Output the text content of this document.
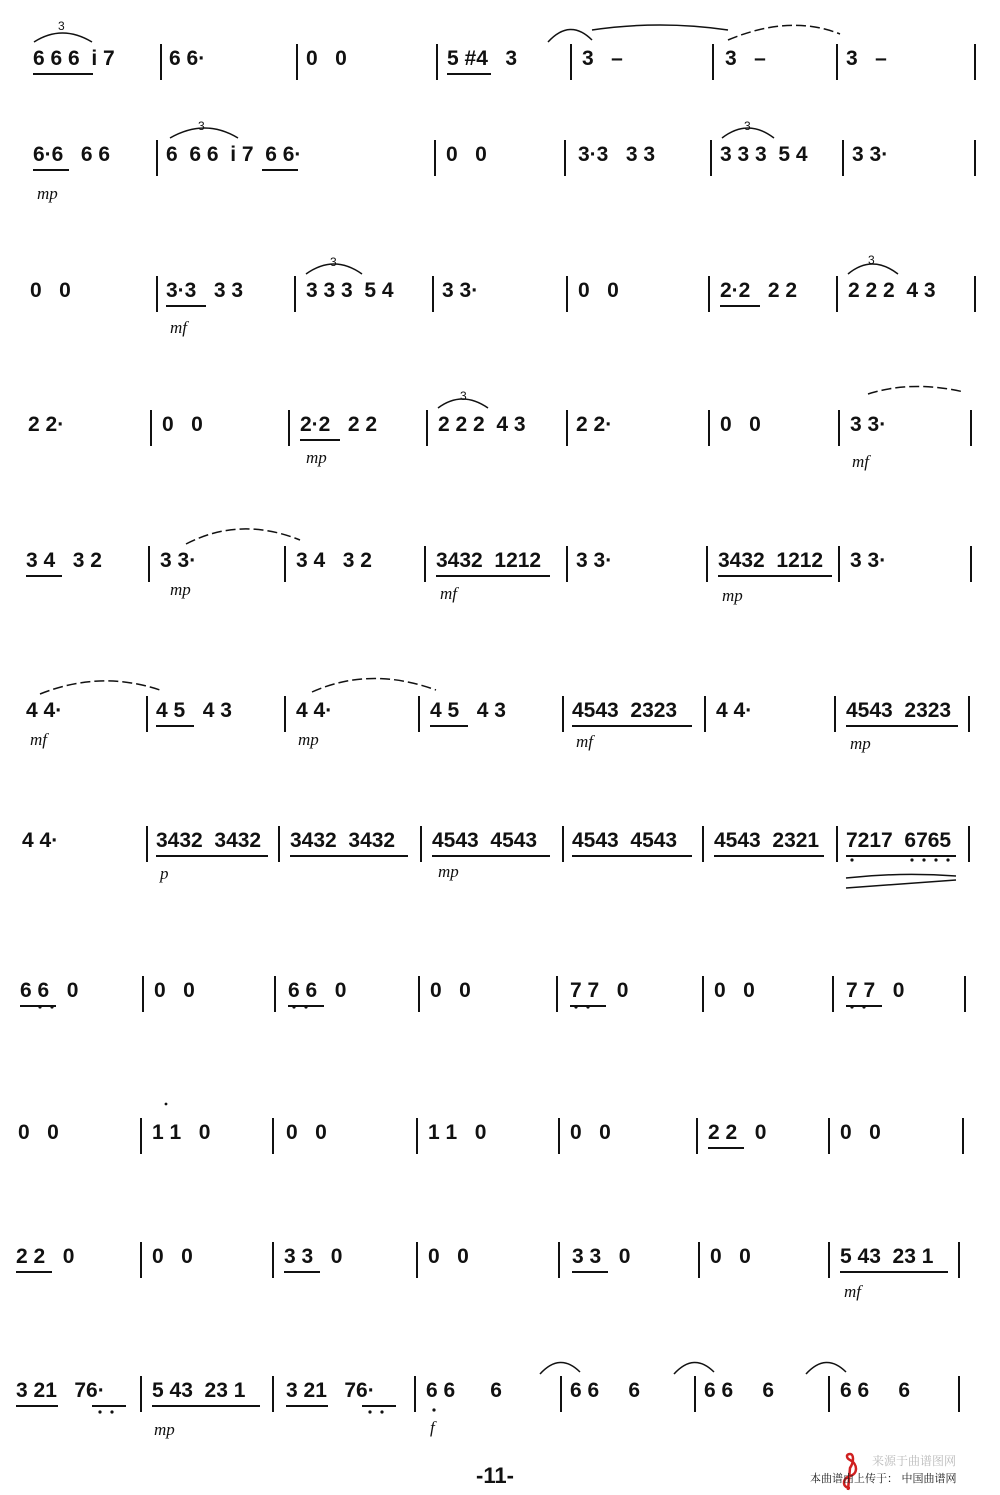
6 6 6  i 7	6 6·	0   0	5 #4   3	3   –	3   –	3   –
6·6   6 6	6  6 6  i 7  6 6·	0   0	3·3   3 3	3 3 3  5 4 3 3·
mp
0   0	3·3   3 3	3 3 3  5 4 3 3·	0   0	2·2   2 2 2 2 2  4 3
mf
2 2·	0   0	2·2   2 2	2 2 2  4 3 2 2·	0   0	3 3·
mp	mf
3 4   3 2	3 3·	3 4   3 2	3432  1212 3 3·	3432  1212 3 3·
mp	mf	mp
4 4·	4 5   4 3	4 4·	4 5   4 3	4543  2323 4 4·	4543  2323
mf	mp	mf	mp
4 4·	3432  3432 3432  3432 4543  4543 4543  4543 4543  2321 7217  6765
p	mp
6 6   0	0   0	6 6   0	0   0	7 7   0	0   0	7 7   0
0   0	1 1   0	0   0	1 1   0	0   0	2 2   0	0   0
2 2   0	0   0	3 3   0	0   0	3 3   0	0   0	5 43  23 1
mf
3 21   76· 5 43  23 1 3 21   76· 6 6      6	6 6     6	6 6     6	6 6     6
mp	f
3
3	3
3	3
3
-11-
来源于曲谱图网
本曲谱由上传于： 中国曲谱网
